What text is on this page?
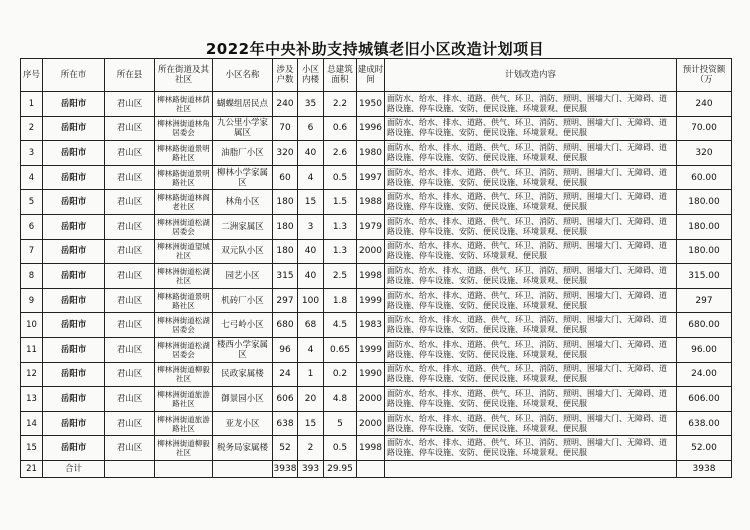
2022年中央补助支持城镇老旧小区改造计划项目
序号	所在市	所在县	所在街道及其社区	小区名称	涉及户数	小区内楼	总建筑面积	建成时间	计划改造内容	预计投资额（万
1	岳阳市	君山区	柳林路街道林荫社区	蝴蝶组居民点	240	35	2.2	1950	面防水、给水、排水、道路、供气、环卫、消防、照明、围墙大门、无障碍、道路设施、停车设施、安防、便民设施、环境景观、便民服	240
2	岳阳市	君山区	柳林洲街道林角居委会	九公里小学家属区	70	6	0.6	1996	面防水、给水、排水、道路、供气、环卫、消防、照明、围墙大门、无障碍、道路设施、停车设施、安防、便民设施、环境景观、便民服	70.00
3	岳阳市	君山区	柳林路街道景明路社区	油脂厂小区	320	40	2.6	1980	面防水、给水、排水、道路、供气、环卫、消防、照明、围墙大门、无障碍、道路设施、停车设施、安防、便民设施、环境景观、便民服	320
4	岳阳市	君山区	柳林路街道景明路社区	柳林小学家属区	60	4	0.5	1997	面防水、给水、排水、道路、供气、环卫、消防、照明、围墙大门、无障碍、道路设施、停车设施、安防、便民设施、环境景观、便民服	60.00
5	岳阳市	君山区	柳林路街道林阁老社区	林角小区	180	15	1.5	1988	面防水、给水、排水、道路、供气、环卫、消防、照明、围墙大门、无障碍、道路设施、停车设施、安防、便民设施、环境景观、便民服	180.00
6	岳阳市	君山区	柳林洲街道松湖居委会	二洲家属区	180	3	1.3	1979	面防水、给水、排水、道路、供气、环卫、消防、照明、围墙大门、无障碍、道路设施、停车设施、安防、便民设施、环境景观、便民服	180.00
7	岳阳市	君山区	柳林洲街道望城社区	双元队小区	180	40	1.3	2000	面防水、给水、排水、道路、供气、环卫、消防、照明、围墙大门、无障碍、道路设施、停车设施、安防、环境景观、便民服	180.00
8	岳阳市	君山区	柳林洲街道松湖社区	园艺小区	315	40	2.5	1998	面防水、给水、排水、道路、供气、环卫、消防、照明、围墙大门、无障碍、道路设施、停车设施、安防、便民设施、环境景观、便民服	315.00
9	岳阳市	君山区	柳林路街道景明路社区	机砖厂小区	297	100	1.8	1999	面防水、给水、排水、道路、供气、环卫、消防、照明、围墙大门、无障碍、道路设施、停车设施、安防、便民设施、环境景观、便民服	297
10	岳阳市	君山区	柳林洲街道松湖居委会	七弓岭小区	680	68	4.5	1983	面防水、给水、排水、道路、供气、环卫、消防、照明、围墙大门、无障碍、道路设施、停车设施、安防、便民设施、环境景观、便民服	680.00
11	岳阳市	君山区	柳林洲街道松湖居委会	楼西小学家属区	96	4	0.65	1999	面防水、给水、排水、道路、供气、环卫、消防、照明、围墙大门、无障碍、道路设施、停车设施、安防、便民设施、环境景观、便民服	96.00
12	岳阳市	君山区	柳林洲街道柳毅社区	民政家属楼	24	1	0.2	1990	面防水、给水、排水、道路、供气、环卫、消防、照明、围墙大门、无障碍、道路设施、停车设施、安防、便民设施、环境景观、便民服	24.00
13	岳阳市	君山区	柳林洲街道旅游路社区	御景园小区	606	20	4.8	2000	面防水、给水、排水、道路、供气、环卫、消防、照明、围墙大门、无障碍、道路设施、停车设施、安防、便民设施、环境景观、便民服	606.00
14	岳阳市	君山区	柳林洲街道旅游路社区	亚龙小区	638	15	5	2000	面防水、给水、排水、道路、供气、环卫、消防、照明、围墙大门、无障碍、道路设施、停车设施、安防、便民设施、环境景观、便民服	638.00
15	岳阳市	君山区	柳林洲街道柳毅社区	税务局家属楼	52	2	0.5	1998	面防水、给水、排水、道路、供气、环卫、消防、照明、围墙大门、无障碍、道路设施、停车设施、安防、便民设施、环境景观、便民服	52.00
21	合计				3938	393	29.95			3938
